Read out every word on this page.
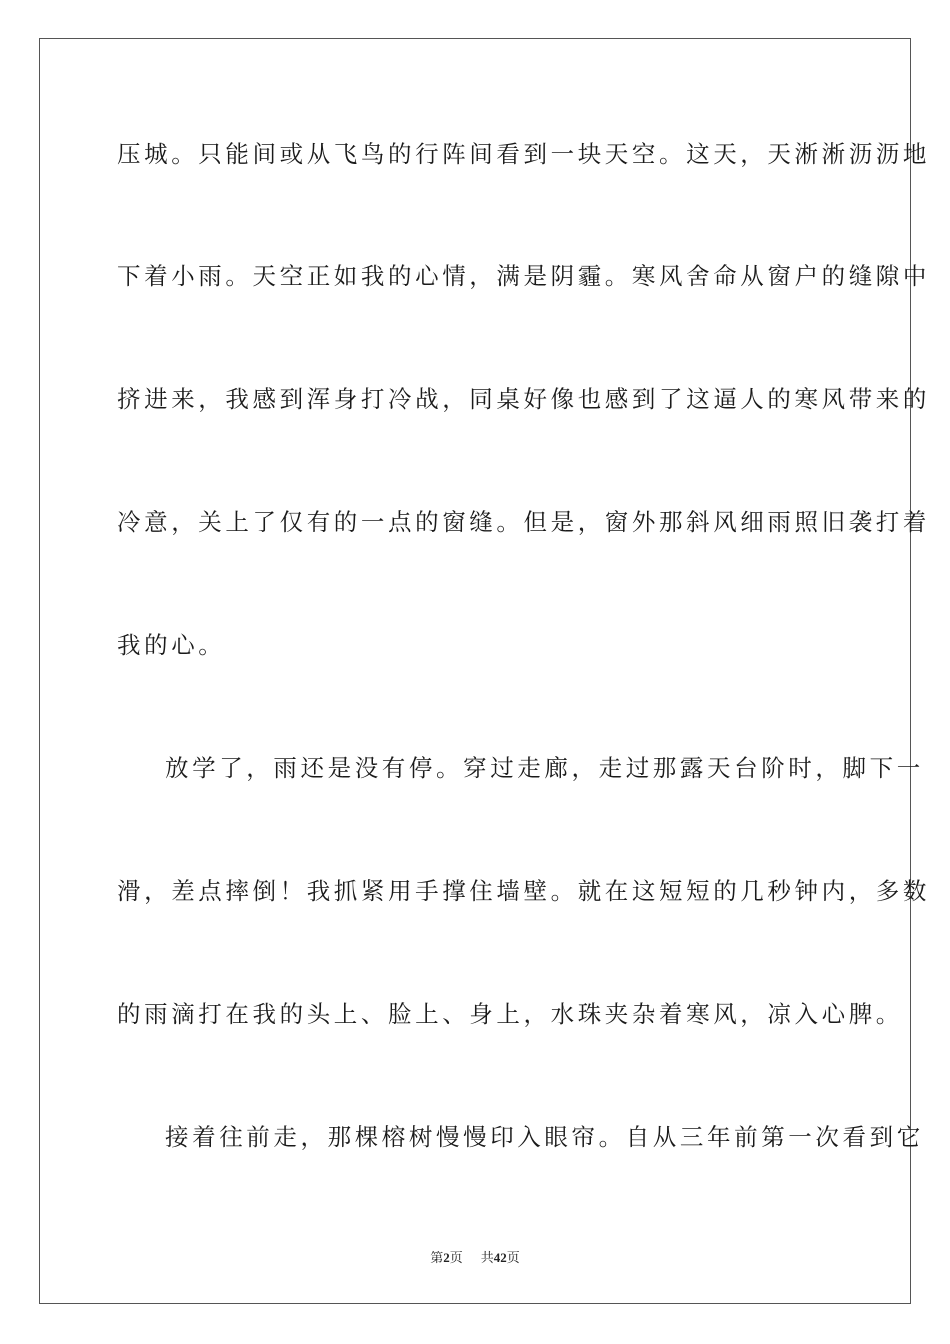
压城。只能间或从飞鸟的行阵间看到一块天空。这天，天淅淅沥沥地
下着小雨。天空正如我的心情，满是阴霾。寒风舍命从窗户的缝隙中
挤进来，我感到浑身打冷战，同桌好像也感到了这逼人的寒风带来的
冷意，关上了仅有的一点的窗缝。但是，窗外那斜风细雨照旧袭打着
我的心。
放学了，雨还是没有停。穿过走廊，走过那露天台阶时，脚下一
滑，差点摔倒！我抓紧用手撑住墙壁。就在这短短的几秒钟内，多数
的雨滴打在我的头上、脸上、身上，水珠夹杂着寒风，凉入心脾。
接着往前走，那棵榕树慢慢印入眼帘。自从三年前第一次看到它
第2页 共42页
